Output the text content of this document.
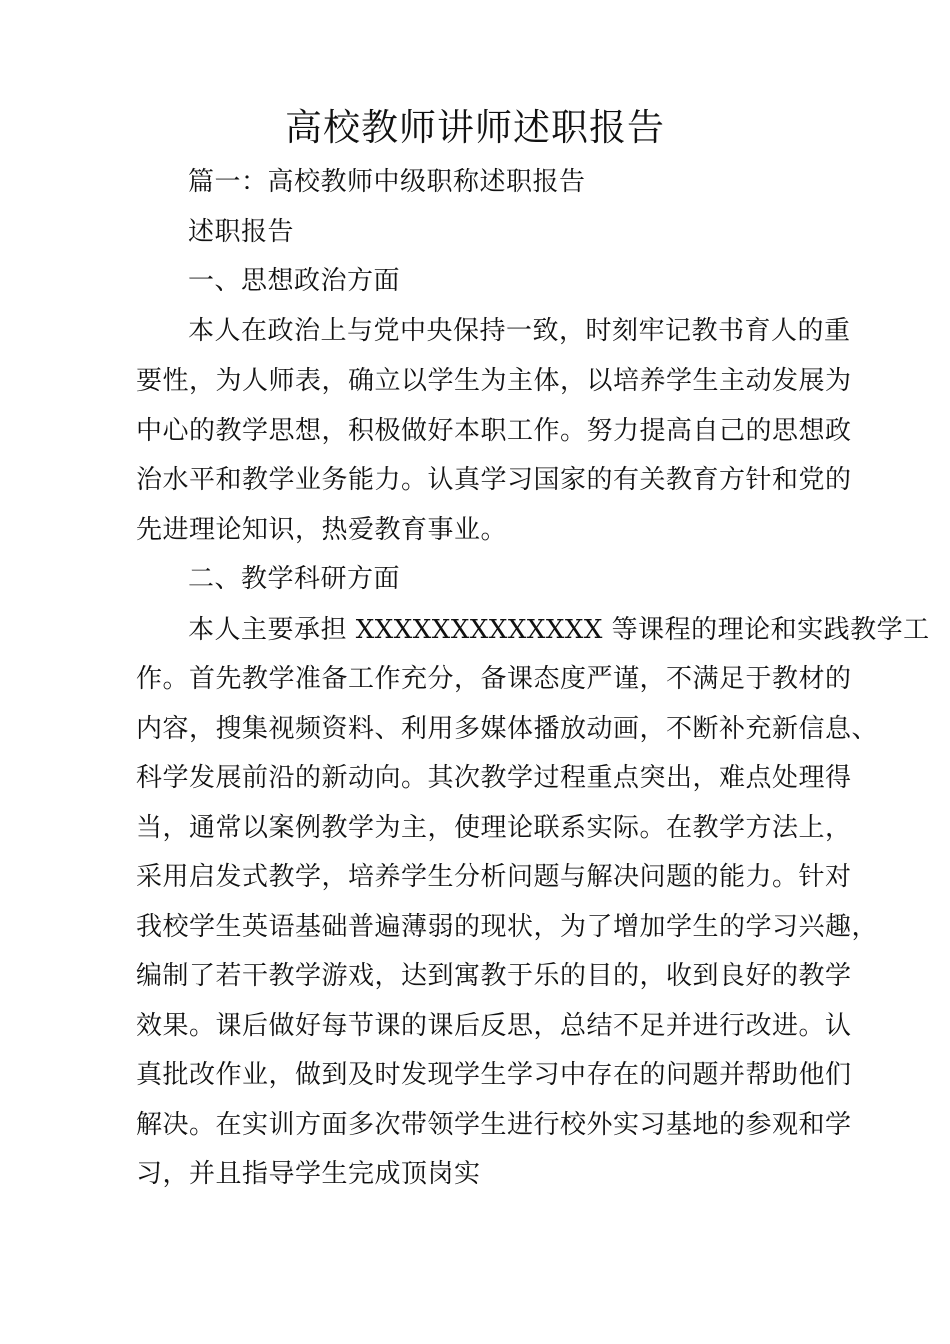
高校教师讲师述职报告
篇一：高校教师中级职称述职报告
述职报告
一、思想政治方面
本人在政治上与党中央保持一致，时刻牢记教书育人的重
要性，为人师表，确立以学生为主体，以培养学生主动发展为
中心的教学思想，积极做好本职工作。努力提高自己的思想政
治水平和教学业务能力。认真学习国家的有关教育方针和党的
先进理论知识，热爱教育事业。
二、教学科研方面
本人主要承担 XXXXXXXXXXXXX 等课程的理论和实践教学工
作。首先教学准备工作充分，备课态度严谨，不满足于教材的
内容，搜集视频资料、利用多媒体播放动画，不断补充新信息、
科学发展前沿的新动向。其次教学过程重点突出，难点处理得
当，通常以案例教学为主，使理论联系实际。在教学方法上，
采用启发式教学，培养学生分析问题与解决问题的能力。针对
我校学生英语基础普遍薄弱的现状，为了增加学生的学习兴趣，
编制了若干教学游戏，达到寓教于乐的目的，收到良好的教学
效果。课后做好每节课的课后反思，总结不足并进行改进。认
真批改作业，做到及时发现学生学习中存在的问题并帮助他们
解决。在实训方面多次带领学生进行校外实习基地的参观和学
习，并且指导学生完成顶岗实
